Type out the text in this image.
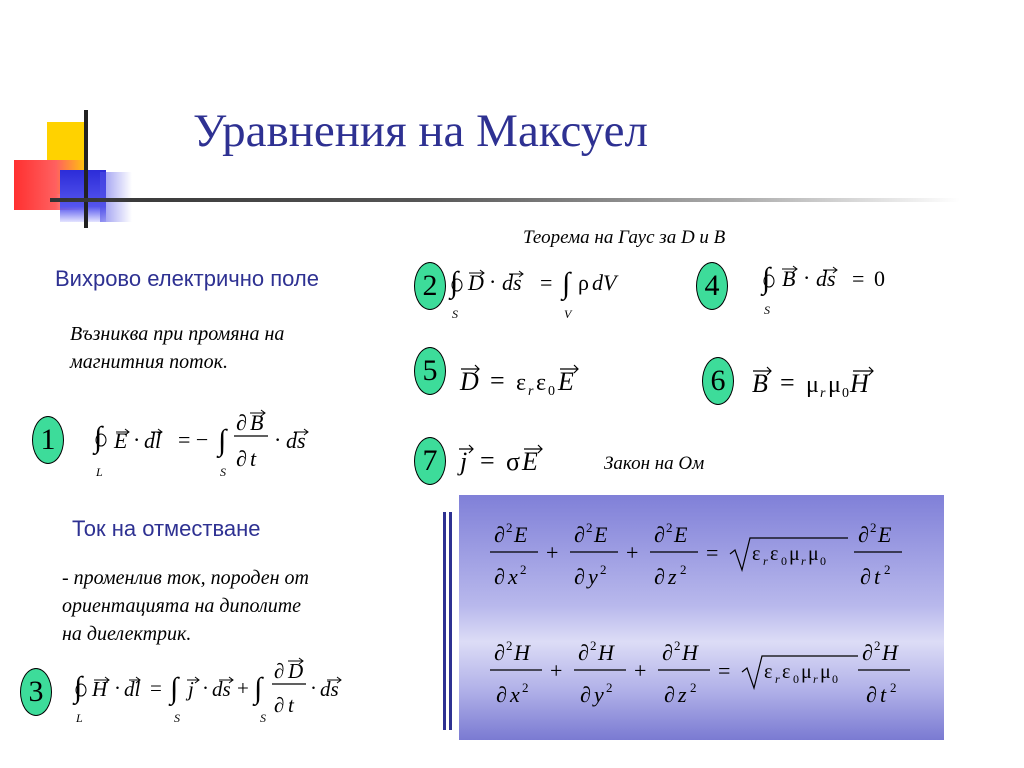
Уравнения на Максуел
Вихрово електрично поле
Възниква при промяна на
магнитния поток.
1 ∫
L
E · dl = − ∫
S
∂ B
∂ t
· ds
Ток на отместване
- променлив ток, породен от
ориентацията на диполите
на диелектрик.
3 ∫
L
H · dl = ∫
S
j · ds + ∫
S
∂ D
∂ t
· ds
Теорема на Гаус за D и B
2 ∫
S
D · ds = ∫
V
ρ dV	4 ∫
S
B · ds = 0
5 D = ε r ε 0 E	6	B = μ r μ 0 H
7 j = σ E	Закон на Ом
∂ 2 E
∂ x 2
+
∂ 2 E
∂ y 2
+
∂ 2 E
∂ z 2
= ε r ε 0 μ r μ 0
∂ 2 E
∂ t 2
∂ 2 H
∂ x 2
+
∂ 2 H
∂ y 2
+
∂ 2 H
∂ z 2
= ε r ε 0 μ r μ 0
∂ 2 H
∂ t 2
